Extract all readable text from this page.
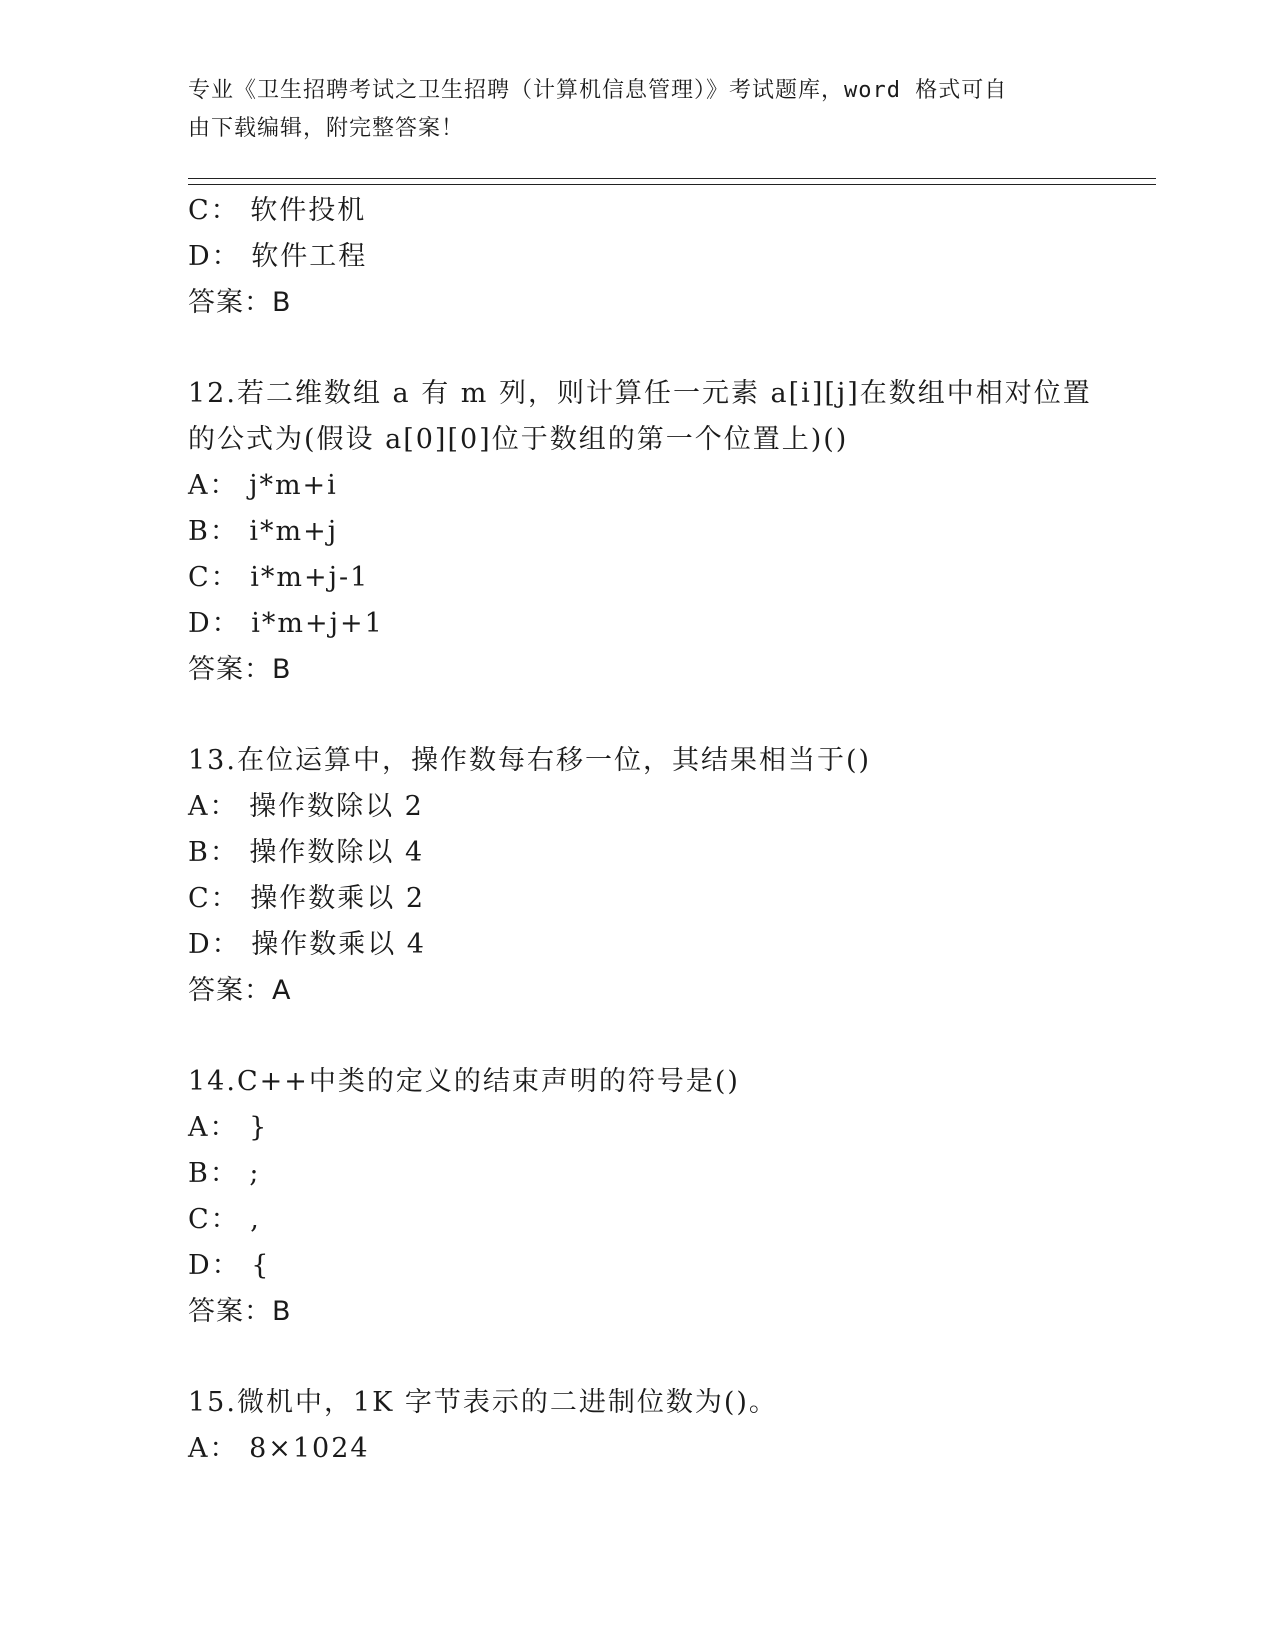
专业《卫生招聘考试之卫生招聘（计算机信息管理）》考试题库，word 格式可自
由下载编辑，附完整答案！
C： 软件投机
D： 软件工程
答案：B
12.若二维数组 a 有 m 列，则计算任一元素 a[i][j]在数组中相对位置
的公式为(假设 a[0][0]位于数组的第一个位置上)()
A： j*m+i
B： i*m+j
C： i*m+j-1
D： i*m+j+1
答案：B
13.在位运算中，操作数每右移一位，其结果相当于()
A： 操作数除以 2
B： 操作数除以 4
C： 操作数乘以 2
D： 操作数乘以 4
答案：A
14.C++中类的定义的结束声明的符号是()
A： }
B： ;
C： ,
D： {
答案：B
15.微机中，1K 字节表示的二进制位数为()。
A： 8×1024
